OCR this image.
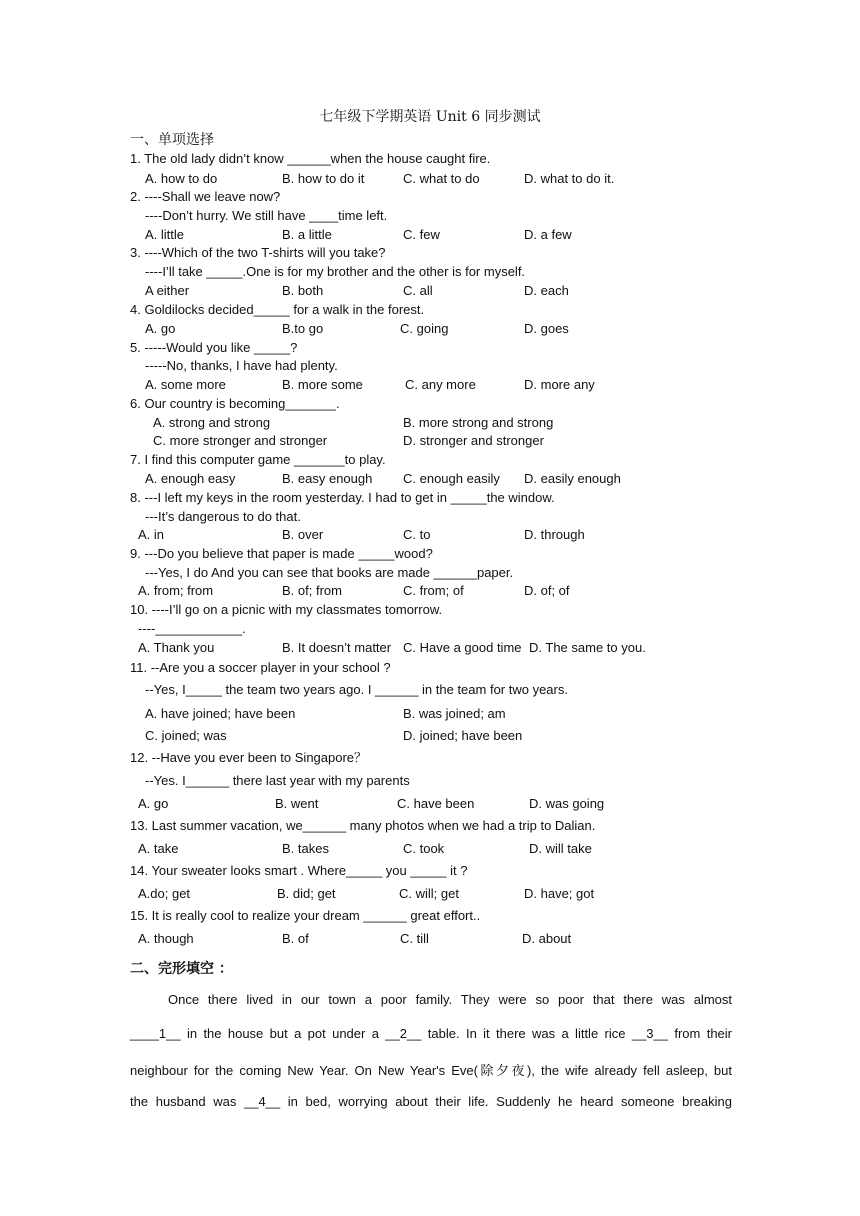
七年级下学期英语 Unit 6 同步测试
一、单项选择
1. The old lady didn’t know ______when the house caught fire.
A. how to do	B. how to do it	C. what to do	D. what to do it.
2. ----Shall we leave now?
----Don’t hurry. We still have ____time left.
A. little	B. a little	C. few	D. a few
3. ----Which of the two T-shirts will you take?
----I’ll take _____.One is for my brother and the other is for myself.
A either	B. both	C. all	D. each
4. Goldilocks decided_____ for a walk in the forest.
A. go	B.to go	C. going	D. goes
5. -----Would you like _____?
-----No, thanks, I have had plenty.
A. some more	B. more some	C. any more	D. more any
6. Our country is becoming_______.
A. strong and strong	B. more strong and strong
C. more stronger and stronger	D. stronger and stronger
7. I find this computer game _______to play.
A. enough easy	B. easy enough C. enough easily D. easily enough
8. ---I left my keys in the room yesterday. I had to get in _____the window.
---It’s dangerous to do that.
A. in	B. over	C. to	D. through
9. ---Do you believe that paper is made _____wood?
---Yes, I do And you can see that books are made ______paper.
A. from; from	B. of; from	C. from; of	D. of; of
10. ----I’ll go on a picnic with my classmates tomorrow.
----____________.
A. Thank you	B. It doesn’t matter C. Have a good time D. The same to you.
11. --Are you a soccer player in your school ?
--Yes, I_____ the team two years ago. I ______ in the team for two years.
A. have joined; have been	B. was joined; am
C. joined; was	D. joined; have been
12. --Have you ever been to Singapore？
--Yes. I______ there last year with my parents
A. go	B. went	C. have been	D. was going
13. Last summer vacation, we______ many photos when we had a trip to Dalian.
A. take	B. takes	C. took	D. will take
14. Your sweater looks smart . Where_____ you _____ it ?
A.do; get	B. did; get	C. will; get	D. have; got
15. It is really cool to realize your dream ______ great effort..
A. though	B. of	C. till	D. about
二、完形填空 ：
Once there lived in our town a poor family. They were so poor that there was almost
____1__ in the house but a pot under a __2__ table. In it there was a little rice __3__ from their
neighbour for the coming New Year. On New Year's Eve(除夕夜), the wife already fell asleep, but
the husband was __4__ in bed, worrying about their life. Suddenly he heard someone breaking
